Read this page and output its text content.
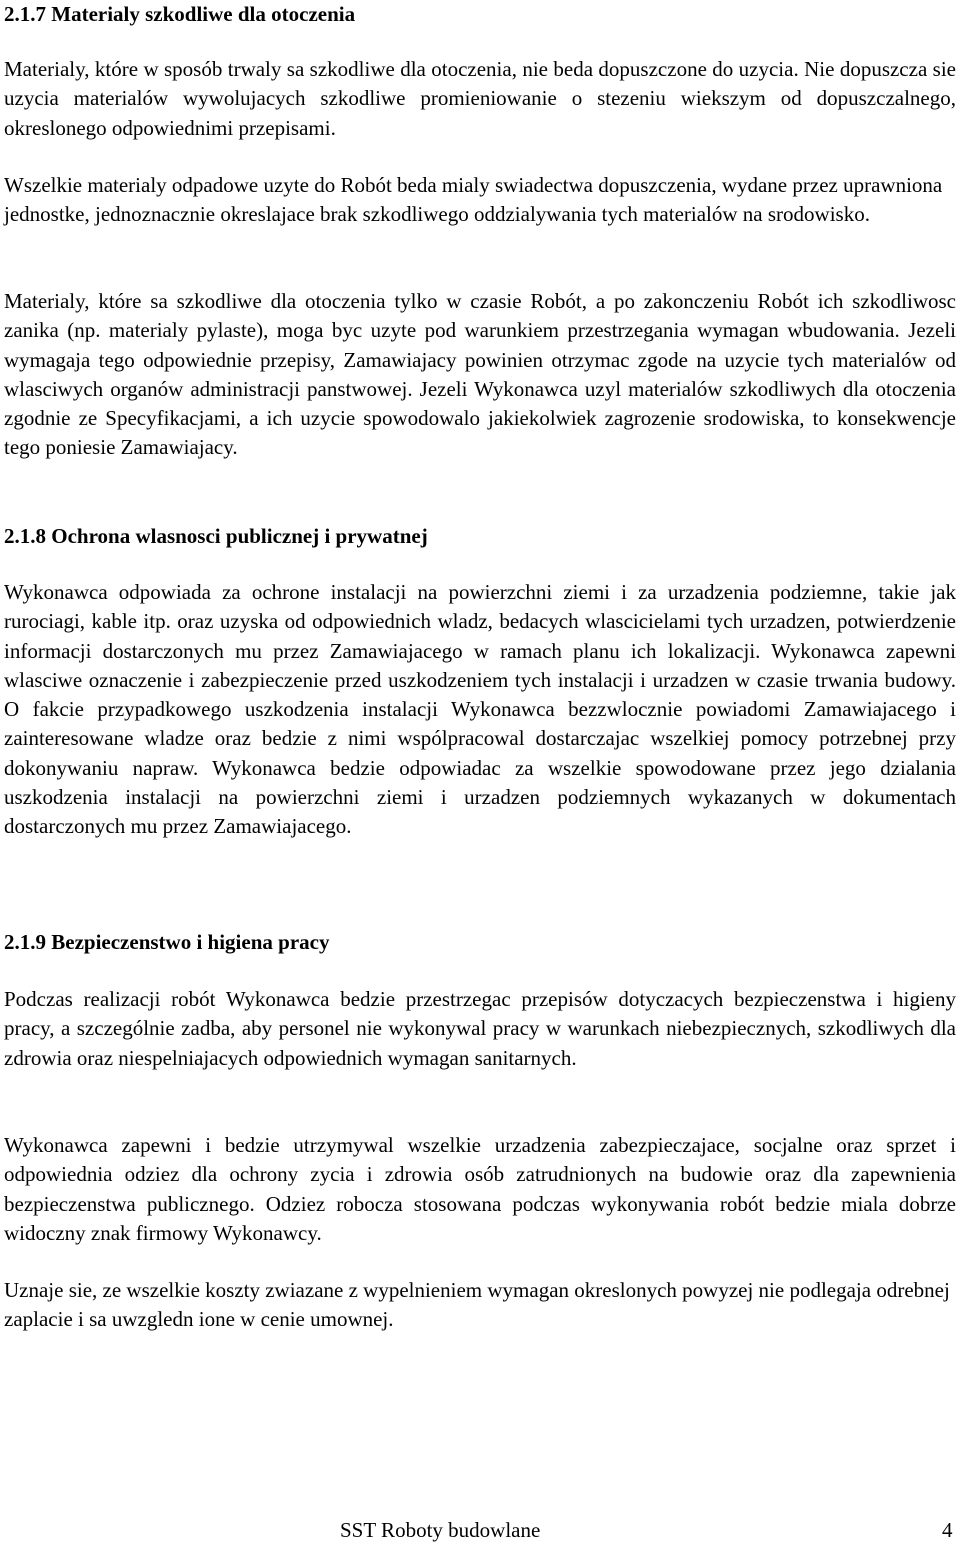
2.1.7 Materialy szkodliwe dla otoczenia

Materialy, które w sposób trwaly sa szkodliwe dla otoczenia, nie beda dopuszczone do uzycia. Nie dopuszcza sie uzycia materialów wywolujacych szkodliwe promieniowanie o stezeniu wiekszym od dopuszczalnego, okreslonego odpowiednimi przepisami.

Wszelkie materialy odpadowe uzyte do Robót beda mialy swiadectwa dopuszczenia, wydane przez uprawniona jednostke, jednoznacznie okreslajace brak szkodliwego oddzialywania tych materialów na srodowisko.

Materialy, które sa szkodliwe dla otoczenia tylko w czasie Robót, a po zakonczeniu Robót ich szkodliwosc zanika (np. materialy pylaste), moga byc uzyte pod warunkiem przestrzegania wymagan wbudowania. Jezeli wymagaja tego odpowiednie przepisy, Zamawiajacy powinien otrzymac zgode na uzycie tych materialów od wlasciwych organów administracji panstwowej. Jezeli Wykonawca uzyl materialów szkodliwych dla otoczenia zgodnie ze Specyfikacjami, a ich uzycie spowodowalo jakiekolwiek zagrozenie srodowiska, to konsekwencje tego poniesie Zamawiajacy.

2.1.8 Ochrona wlasnosci publicznej i prywatnej

Wykonawca odpowiada za ochrone instalacji na powierzchni ziemi i za urzadzenia podziemne, takie jak rurociagi, kable itp. oraz uzyska od odpowiednich wladz, bedacych wlascicielami tych urzadzen, potwierdzenie informacji dostarczonych mu przez Zamawiajacego w ramach planu ich lokalizacji. Wykonawca zapewni wlasciwe oznaczenie i zabezpieczenie przed uszkodzeniem tych instalacji i urzadzen w czasie trwania budowy. O fakcie przypadkowego uszkodzenia instalacji Wykonawca bezzwlocznie powiadomi Zamawiajacego i zainteresowane wladze oraz bedzie z nimi wspólpracowal dostarczajac wszelkiej pomocy potrzebnej przy dokonywaniu napraw. Wykonawca bedzie odpowiadac za wszelkie spowodowane przez jego dzialania uszkodzenia instalacji na powierzchni ziemi i urzadzen podziemnych wykazanych w dokumentach dostarczonych mu przez Zamawiajacego.

2.1.9 Bezpieczenstwo i higiena pracy

Podczas realizacji robót Wykonawca bedzie przestrzegac przepisów dotyczacych bezpieczenstwa i higieny pracy, a szczególnie zadba, aby personel nie wykonywal pracy w warunkach niebezpiecznych, szkodliwych dla zdrowia oraz niespelniajacych odpowiednich wymagan sanitarnych.

Wykonawca zapewni i bedzie utrzymywal wszelkie urzadzenia zabezpieczajace, socjalne oraz sprzet i odpowiednia odziez dla ochrony zycia i zdrowia osób zatrudnionych na budowie oraz dla zapewnienia bezpieczenstwa publicznego. Odziez robocza stosowana podczas wykonywania robót bedzie miala dobrze widoczny znak firmowy Wykonawcy.

Uznaje sie, ze wszelkie koszty zwiazane z wypelnieniem wymagan okreslonych powyzej nie podlegaja odrebnej zaplacie i sa uwzgledn ione w cenie umownej.

SST Roboty budowlane	4
